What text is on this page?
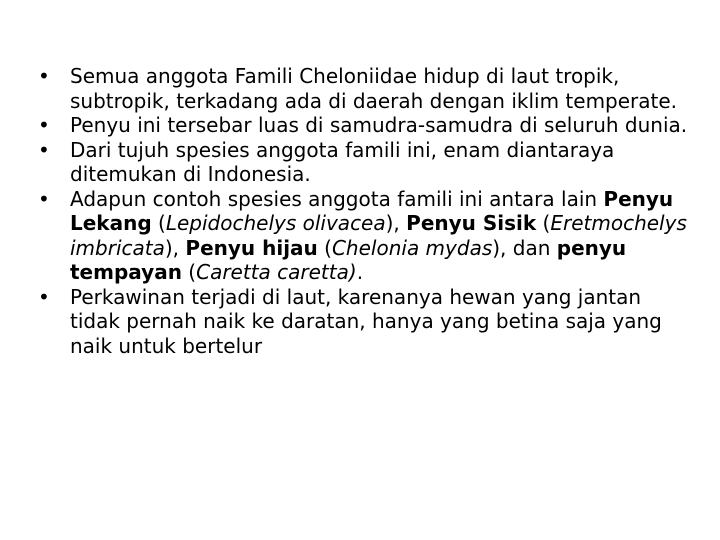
• Semua anggota Famili Cheloniidae hidup di laut tropik, subtropik, terkadang ada di daerah dengan iklim temperate.
• Penyu ini tersebar luas di samudra-samudra di seluruh dunia.
• Dari tujuh spesies anggota famili ini, enam diantaraya ditemukan di Indonesia.
• Adapun contoh spesies anggota famili ini antara lain Penyu Lekang (Lepidochelys olivacea), Penyu Sisik (Eretmochelys imbricata), Penyu hijau (Chelonia mydas), dan penyu tempayan (Caretta caretta).
• Perkawinan terjadi di laut, karenanya hewan yang jantan tidak pernah naik ke daratan, hanya yang betina saja yang naik untuk bertelur
